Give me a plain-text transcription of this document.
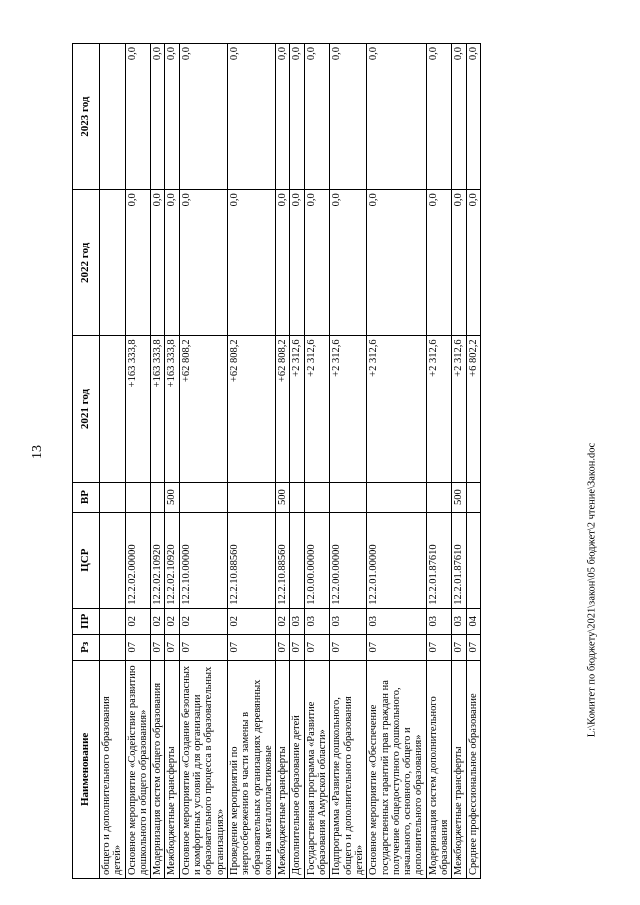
13
Наименование	Рз	ПР	ЦСР	ВР	2021 год	2022 год	2023 год
общего и дополнительного образования детей»							
Основное мероприятие «Содействие развитию дошкольного и общего образования»	07	02	12.2.02.00000		+163 333,8	0,0	0,0
Модернизация систем общего образования	07	02	12.2.02.10920		+163 333,8	0,0	0,0
Межбюджетные трансферты	07	02	12.2.02.10920	500	+163 333,8	0,0	0,0
Основное мероприятие «Создание безопасных и комфортных условий для организации образовательного процесса в образовательных организациях»	07	02	12.2.10.00000		+62 808,2	0,0	0,0
Проведение мероприятий по энергосбережению в части замены в образовательных организациях деревянных окон на металлопластиковые	07	02	12.2.10.88560		+62 808,2	0,0	0,0
Межбюджетные трансферты	07	02	12.2.10.88560	500	+62 808,2	0,0	0,0
Дополнительное образование детей	07	03			+2 312,6	0,0	0,0
Государственная программа «Развитие образования Амурской области»	07	03	12.0.00.00000		+2 312,6	0,0	0,0
Подпрограмма «Развитие дошкольного, общего и дополнительного образования детей»	07	03	12.2.00.00000		+2 312,6	0,0	0,0
Основное мероприятие «Обеспечение государственных гарантий прав граждан на получение общедоступного дошкольного, начального, основного, общего и дополнительного образования»	07	03	12.2.01.00000		+2 312,6	0,0	0,0
Модернизация систем дополнительного образования	07	03	12.2.01.87610		+2 312,6	0,0	0,0
Межбюджетные трансферты	07	03	12.2.01.87610	500	+2 312,6	0,0	0,0
Среднее профессиональное образование	07	04			+6 802,2	0,0	0,0
L:\Комитет по бюджету\2021\закон\05 бюджет\2 чтение\Закон.doc
